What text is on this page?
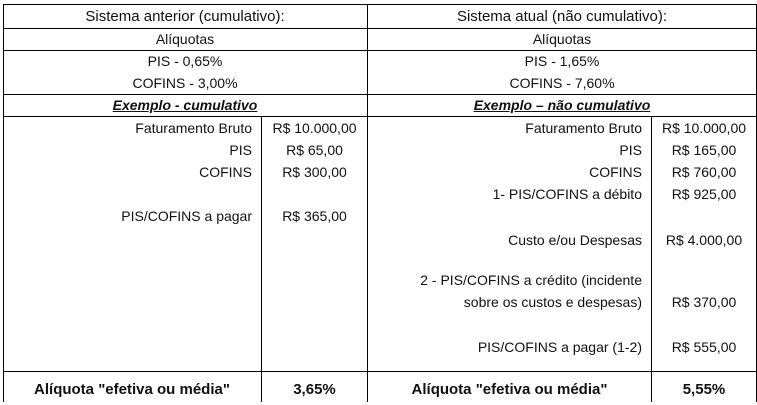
Sistema anterior (cumulativo):
Alíquotas
PIS - 0,65%
COFINS - 3,00%
Exemplo - cumulativo
Faturamento Bruto	R$ 10.000,00
PIS	R$ 65,00
COFINS	R$ 300,00
PIS/COFINS a pagar	R$ 365,00
Alíquota "efetiva ou média"	3,65%
Sistema atual (não cumulativo):
Alíquotas
PIS - 1,65%
COFINS - 7,60%
Exemplo – não cumulativo
Faturamento Bruto	R$ 10.000,00
PIS	R$ 165,00
COFINS	R$ 760,00
1- PIS/COFINS a débito	R$ 925,00
Custo e/ou Despesas	R$ 4.000,00
2 - PIS/COFINS a crédito (incidente
sobre os custos e despesas)	R$ 370,00
PIS/COFINS a pagar (1-2)	R$ 555,00
Alíquota "efetiva ou média"	5,55%
